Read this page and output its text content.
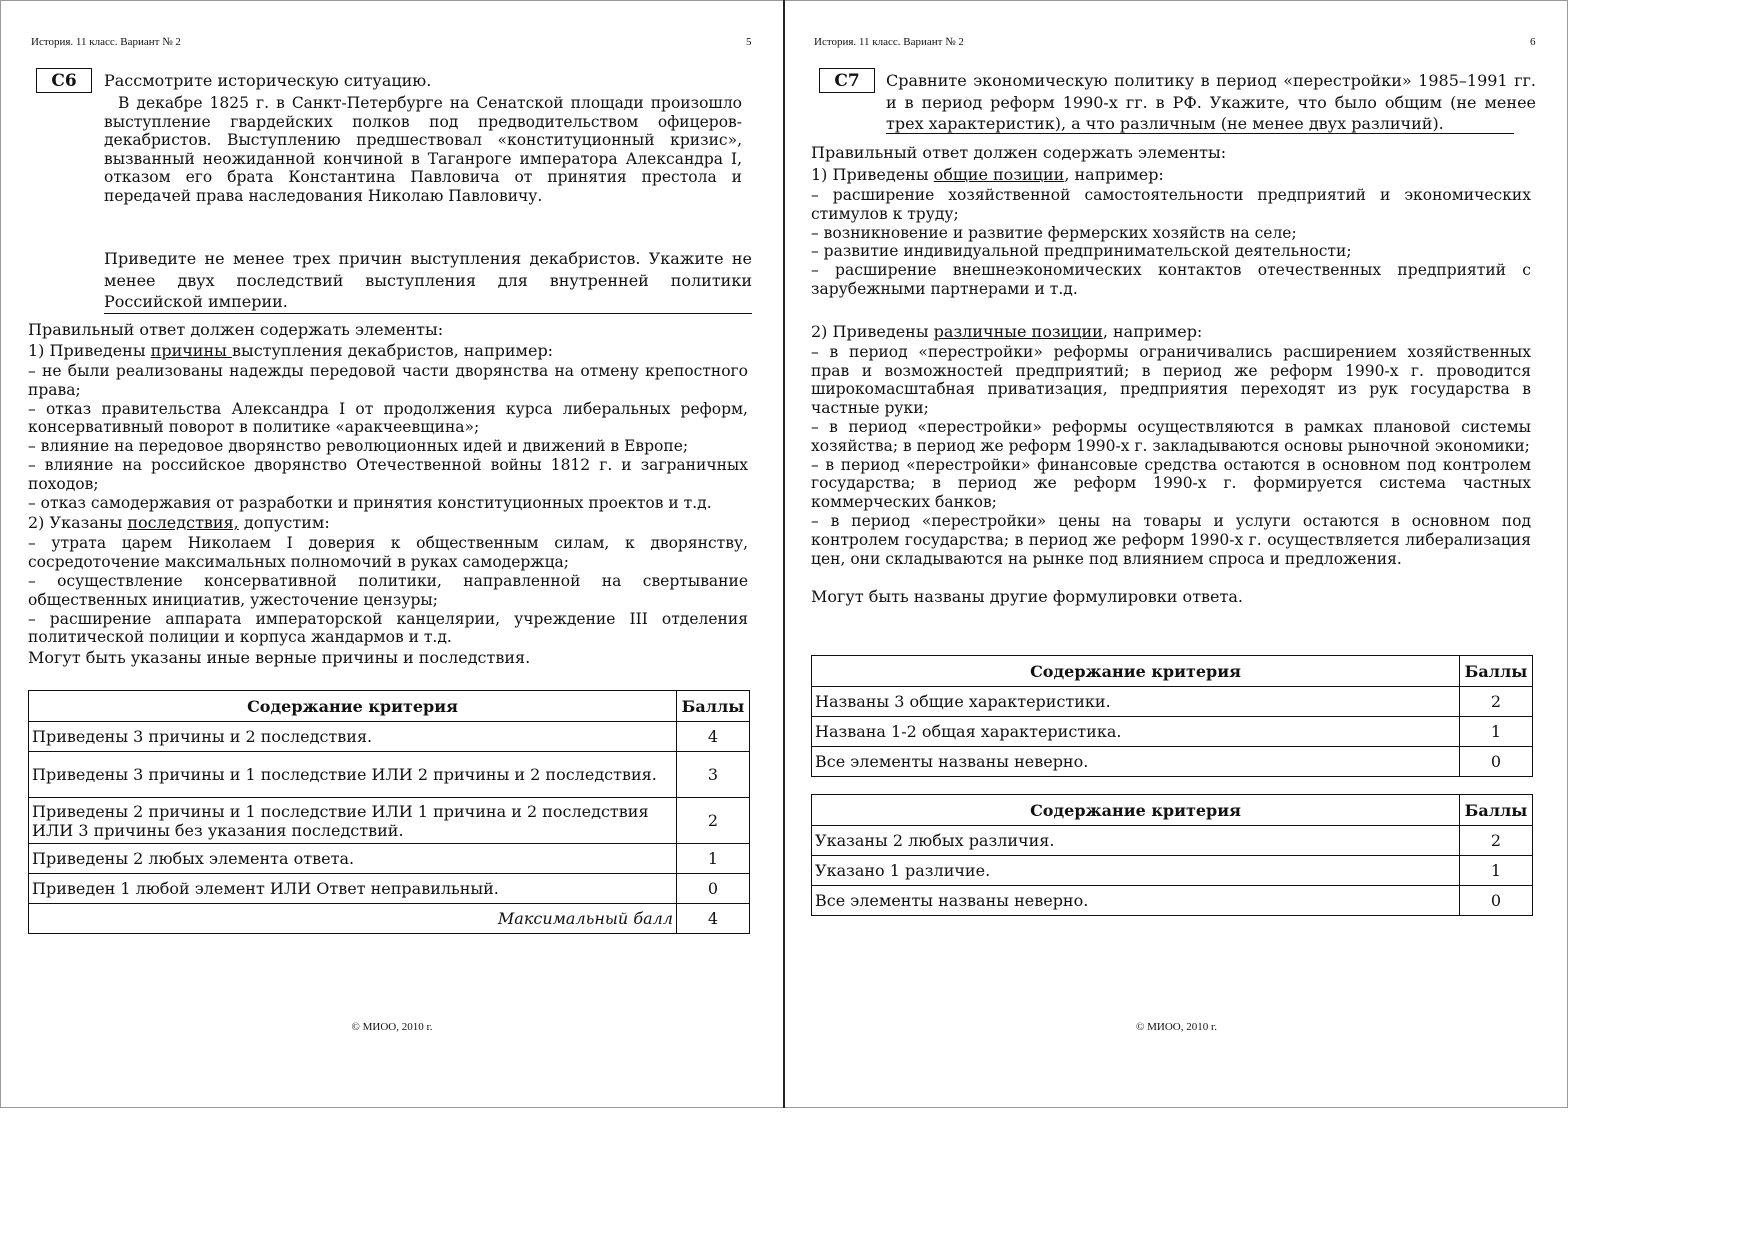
История. 11 класс. Вариант № 2	5
C6	Рассмотрите историческую ситуацию.
В декабре 1825 г. в Санкт-Петербурге на Сенатской площади произошло выступление гвардейских полков под предводительством офицеров-декабристов. Выступлению предшествовал «конституционный кризис», вызванный неожиданной кончиной в Таганроге императора Александра I, отказом его брата Константина Павловича от принятия престола и передачей права наследования Николаю Павловичу.
Приведите не менее трех причин выступления декабристов. Укажите не менее двух последствий выступления для внутренней политики Российской империи.
Правильный ответ должен содержать элементы:
1) Приведены причины выступления декабристов, например:
– не были реализованы надежды передовой части дворянства на отмену крепостного права;
– отказ правительства Александра I от продолжения курса либеральных реформ, консервативный поворот в политике «аракчеевщина»;
– влияние на передовое дворянство революционных идей и движений в Европе;
– влияние на российское дворянство Отечественной войны 1812 г. и заграничных походов;
– отказ самодержавия от разработки и принятия конституционных проектов и т.д.
2) Указаны последствия, допустим:
– утрата царем Николаем I доверия к общественным силам, к дворянству, сосредоточение максимальных полномочий в руках самодержца;
– осуществление консервативной политики, направленной на свертывание общественных инициатив, ужесточение цензуры;
– расширение аппарата императорской канцелярии, учреждение III отделения политической полиции и корпуса жандармов и т.д.
Могут быть указаны иные верные причины и последствия.
Содержание критерия	Баллы
Приведены 3 причины и 2 последствия.	4
Приведены 3 причины и 1 последствие ИЛИ 2 причины и 2 последствия.	3
Приведены 2 причины и 1 последствие ИЛИ 1 причина и 2 последствия ИЛИ 3 причины без указания последствий.	2
Приведены 2 любых элемента ответа.	1
Приведен 1 любой элемент ИЛИ Ответ неправильный.	0
Максимальный балл	4
© МИОО, 2010 г.
История. 11 класс. Вариант № 2	6
C7	Сравните экономическую политику в период «перестройки» 1985–1991 гг. и в период реформ 1990-х гг. в РФ. Укажите, что было общим (не менее трех характеристик), а что различным (не менее двух различий).
Правильный ответ должен содержать элементы:
1) Приведены общие позиции, например:
– расширение хозяйственной самостоятельности предприятий и экономических стимулов к труду;
– возникновение и развитие фермерских хозяйств на селе;
– развитие индивидуальной предпринимательской деятельности;
– расширение внешнеэкономических контактов отечественных предприятий с зарубежными партнерами и т.д.
2) Приведены различные позиции, например:
– в период «перестройки» реформы ограничивались расширением хозяйственных прав и возможностей предприятий; в период же реформ 1990-х г. проводится широкомасштабная приватизация, предприятия переходят из рук государства в частные руки;
– в период «перестройки» реформы осуществляются в рамках плановой системы хозяйства; в период же реформ 1990-х г. закладываются основы рыночной экономики;
– в период «перестройки» финансовые средства остаются в основном под контролем государства; в период же реформ 1990-х г. формируется система частных коммерческих банков;
– в период «перестройки» цены на товары и услуги остаются в основном под контролем государства; в период же реформ 1990-х г. осуществляется либерализация цен, они складываются на рынке под влиянием спроса и предложения.
Могут быть названы другие формулировки ответа.
Содержание критерия	Баллы
Названы 3 общие характеристики.	2
Названа 1-2 общая характеристика.	1
Все элементы названы неверно.	0
Содержание критерия	Баллы
Указаны 2 любых различия.	2
Указано 1 различие.	1
Все элементы названы неверно.	0
© МИОО, 2010 г.
